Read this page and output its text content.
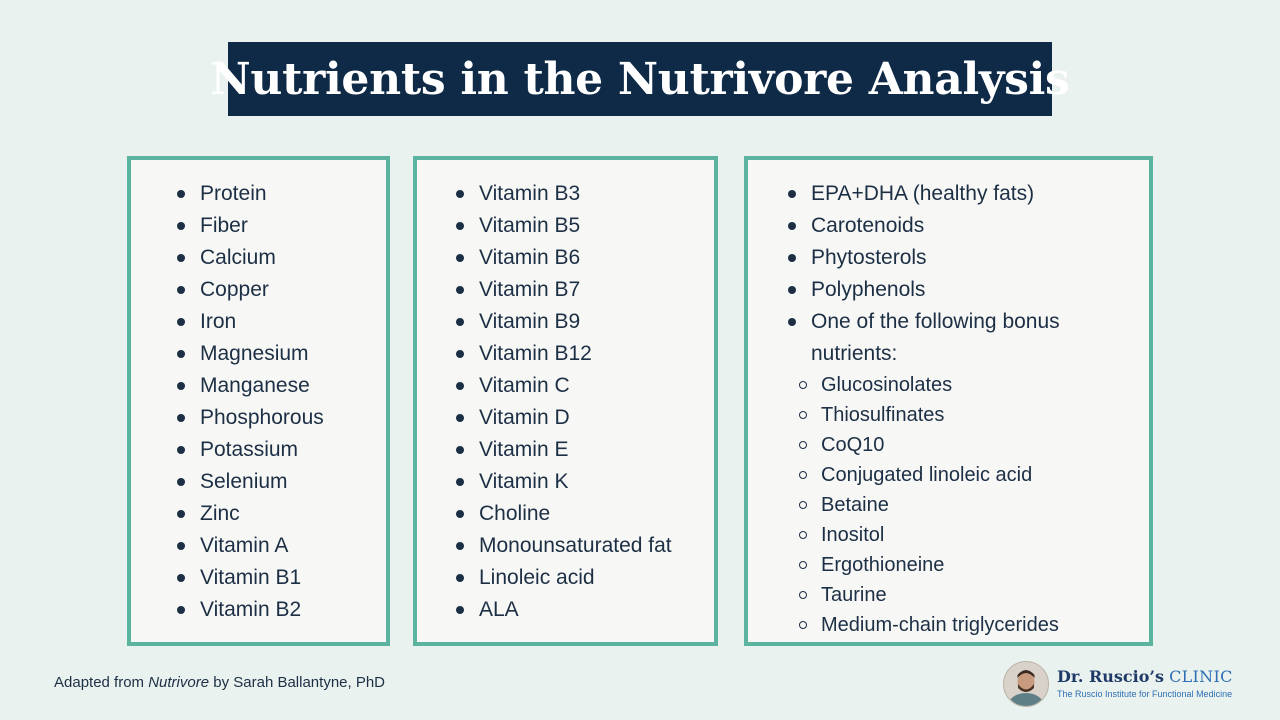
Nutrients in the Nutrivore Analysis
Protein
Fiber
Calcium
Copper
Iron
Magnesium
Manganese
Phosphorous
Potassium
Selenium
Zinc
Vitamin A
Vitamin B1
Vitamin B2
Vitamin B3
Vitamin B5
Vitamin B6
Vitamin B7
Vitamin B9
Vitamin B12
Vitamin C
Vitamin D
Vitamin E
Vitamin K
Choline
Monounsaturated fat
Linoleic acid
ALA
EPA+DHA (healthy fats)
Carotenoids
Phytosterols
Polyphenols
One of the following bonus nutrients:
Glucosinolates
Thiosulfinates
CoQ10
Conjugated linoleic acid
Betaine
Inositol
Ergothioneine
Taurine
Medium-chain triglycerides
Adapted from Nutrivore by Sarah Ballantyne, PhD	Dr. Ruscio’s CLINIC
The Ruscio Institute for Functional Medicine
